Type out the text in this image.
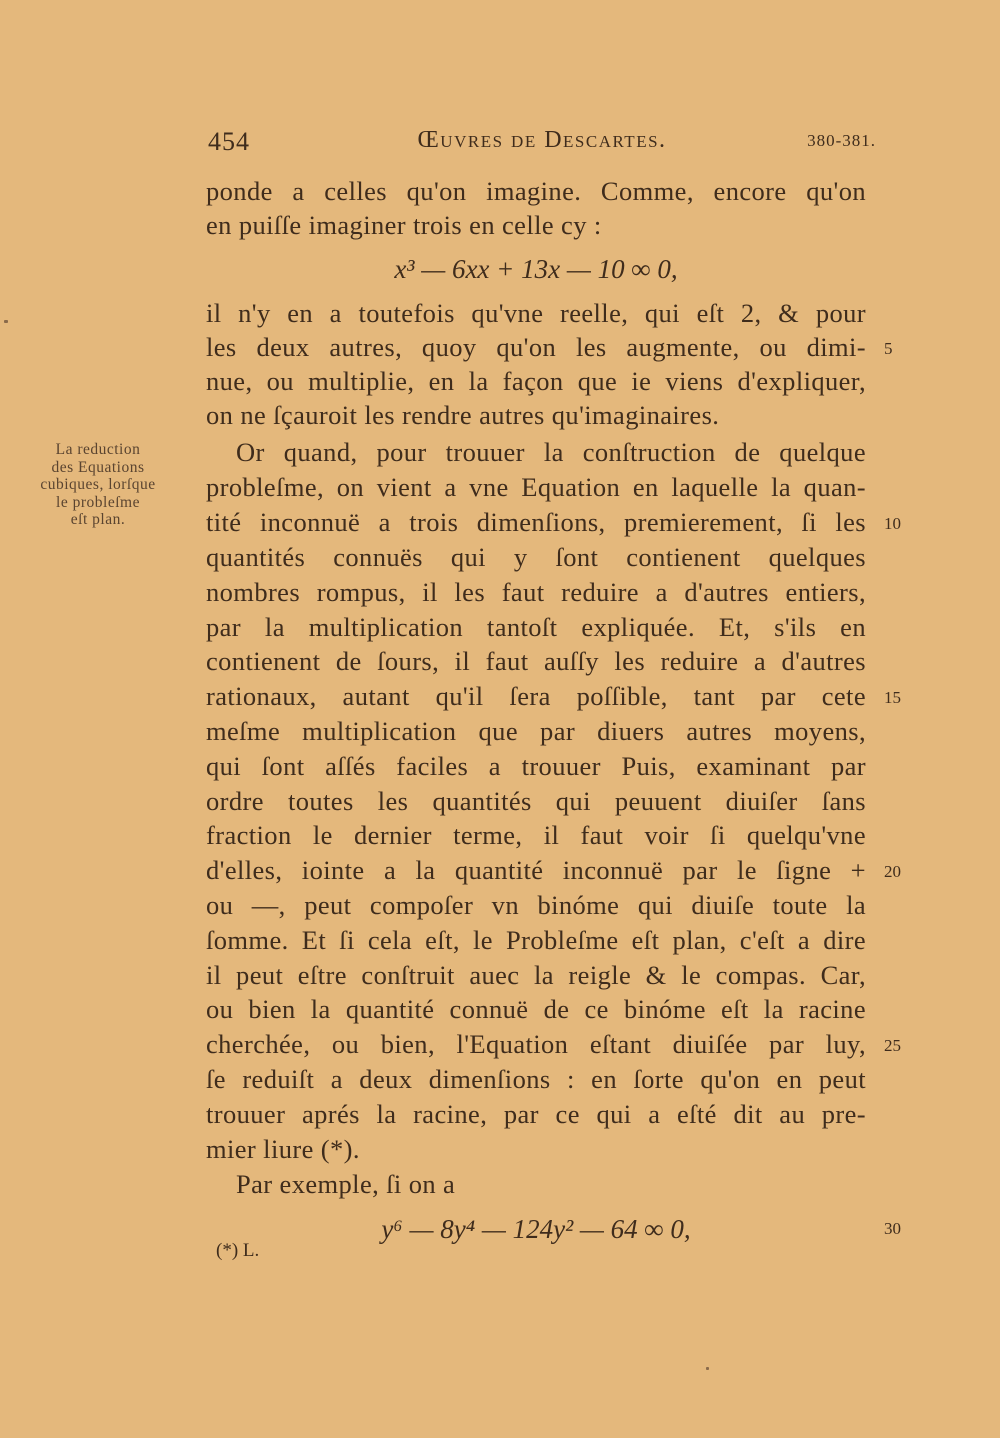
454	Œuvres de Descartes.	380-381.
ponde a celles qu'on imagine. Comme, encore qu'on
en puiſſe imaginer trois en celle cy :
x³ — 6xx + 13x — 10 ∞ 0,
il n'y en a toutefois qu'vne reelle, qui eſt 2, & pour
les deux autres, quoy qu'on les augmente, ou dimi-
nue, ou multiplie, en la façon que ie viens d'expliquer,
on ne ſçauroit les rendre autres qu'imaginaires.
Or quand, pour trouuer la conſtruction de quelque
probleſme, on vient a vne Equation en laquelle la quan-
tité inconnuë a trois dimenſions, premierement, ſi les
quantités connuës qui y ſont contienent quelques
nombres rompus, il les faut reduire a d'autres entiers,
par la multiplication tantoſt expliquée. Et, s'ils en
contienent de ſours, il faut auſſy les reduire a d'autres
rationaux, autant qu'il ſera poſſible, tant par cete
meſme multiplication que par diuers autres moyens,
qui ſont aſſés faciles a trouuer Puis, examinant par
ordre toutes les quantités qui peuuent diuiſer ſans
fraction le dernier terme, il faut voir ſi quelqu'vne
d'elles, iointe a la quantité inconnuë par le ſigne +
ou —, peut compoſer vn binóme qui diuiſe toute la
ſomme. Et ſi cela eſt, le Probleſme eſt plan, c'eſt a dire
il peut eſtre conſtruit auec la reigle & le compas. Car,
ou bien la quantité connuë de ce binóme eſt la racine
cherchée, ou bien, l'Equation eſtant diuiſée par luy,
ſe reduiſt a deux dimenſions : en ſorte qu'on en peut
trouuer aprés la racine, par ce qui a eſté dit au pre-
mier liure (*).
Par exemple, ſi on a
y⁶ — 8y⁴ — 124y² — 64 ∞ 0,
5
10
15
20
25
30
La reduction
des Equations
cubiques, lorſque
le probleſme
eſt plan.
(*) L.
